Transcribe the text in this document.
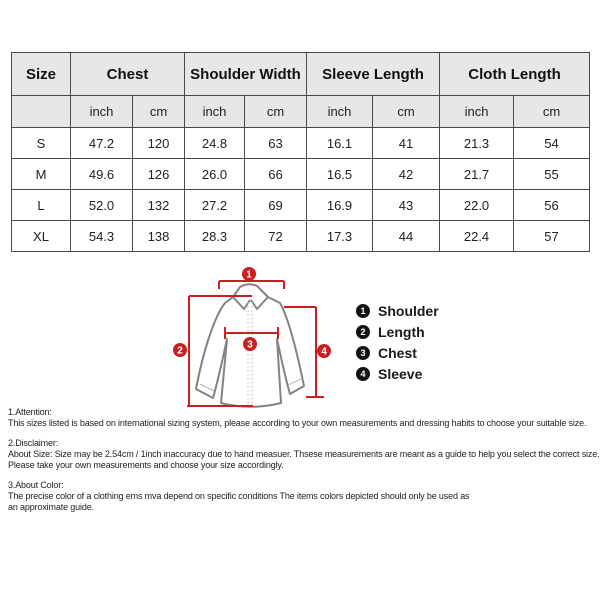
Size	Chest		Shoulder Width		Sleeve Length		Cloth Length	
	inch	cm	inch	cm	inch	cm	inch	cm
S	47.2	120	24.8	63	16.1	41	21.3	54
M	49.6	126	26.0	66	16.5	42	21.7	55
L	52.0	132	27.2	69	16.9	43	22.0	56
XL	54.3	138	28.3	72	17.3	44	22.4	57
1
2
3
4
1 Shoulder
2 Length
3 Chest
4 Sleeve
1.Attention:
This sizes listed is based on international sizing system, please according to your own measurements and dressing habits to choose your suitable size.
2.Disclaimer:
About Size: Size may be 2.54cm / 1inch inaccuracy due to hand measuer. Thsese measurements are meant as a guide to help you select the correct size.
Please take your own measurements and choose your size accordingly.
3.About Color:
The precise color of a clothing ems mva depend on specific conditions The items colors depicted should only be used as
an approximate guide.
